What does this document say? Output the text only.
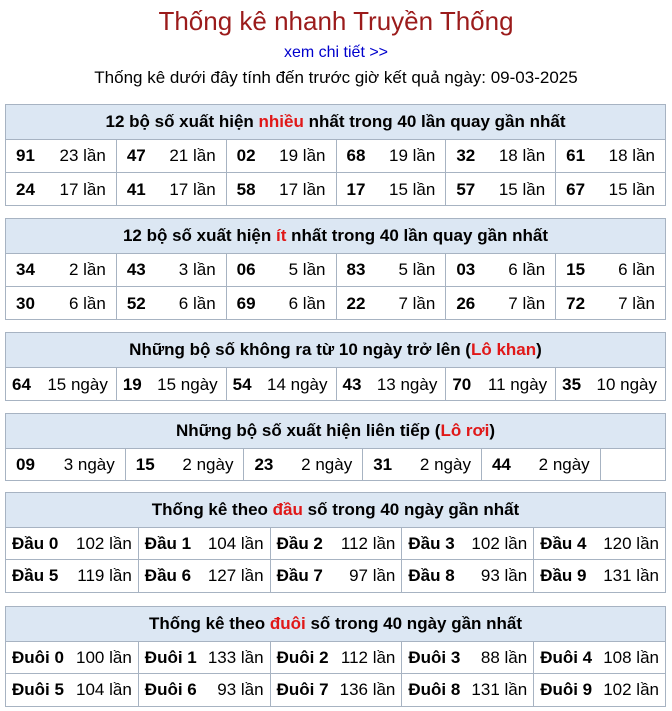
Thống kê nhanh Truyền Thống
xem chi tiết >>
Thống kê dưới đây tính đến trước giờ kết quả ngày: 09-03-2025
12 bộ số xuất hiện nhiều nhất trong 40 lần quay gần nhất
91 23 lần 47 21 lần 02 19 lần 68 19 lần 32 18 lần 61 18 lần
24 17 lần 41 17 lần 58 17 lần 17 15 lần 57 15 lần 67 15 lần
12 bộ số xuất hiện ít nhất trong 40 lần quay gần nhất
34 2 lần 43 3 lần 06 5 lần 83 5 lần 03 6 lần 15 6 lần
30 6 lần 52 6 lần 69 6 lần 22 7 lần 26 7 lần 72 7 lần
Những bộ số không ra từ 10 ngày trở lên (Lô khan)
64 15 ngày 19 15 ngày 54 14 ngày 43 13 ngày 70 11 ngày 35 10 ngày
Những bộ số xuất hiện liên tiếp (Lô rơi)
09 3 ngày 15 2 ngày 23 2 ngày 31 2 ngày 44 2 ngày
Thống kê theo đầu số trong 40 ngày gần nhất
Đầu 0 102 lần Đầu 1 104 lần Đầu 2 112 lần Đầu 3 102 lần Đầu 4 120 lần
Đầu 5 119 lần Đầu 6 127 lần Đầu 7 97 lần Đầu 8 93 lần Đầu 9 131 lần
Thống kê theo đuôi số trong 40 ngày gần nhất
Đuôi 0 100 lần Đuôi 1 133 lần Đuôi 2 112 lần Đuôi 3 88 lần Đuôi 4 108 lần
Đuôi 5 104 lần Đuôi 6 93 lần Đuôi 7 136 lần Đuôi 8 131 lần Đuôi 9 102 lần
